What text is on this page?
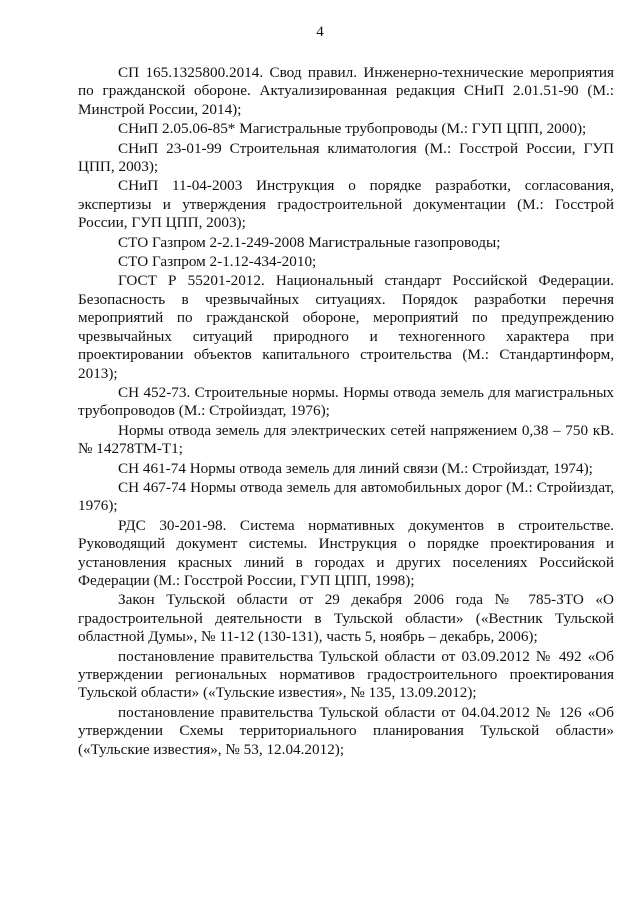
4

СП 165.1325800.2014. Свод правил. Инженерно-технические мероприятия по гражданской обороне. Актуализированная редакция СНиП 2.01.51-90 (М.: Минстрой России, 2014);

СНиП 2.05.06-85* Магистральные трубопроводы (М.: ГУП ЦПП, 2000);

СНиП 23-01-99 Строительная климатология (М.: Госстрой России, ГУП ЦПП, 2003);

СНиП 11-04-2003 Инструкция о порядке разработки, согласования, экспертизы и утверждения градостроительной документации (М.: Госстрой России, ГУП ЦПП, 2003);

СТО Газпром 2-2.1-249-2008 Магистральные газопроводы;

СТО Газпром 2-1.12-434-2010;

ГОСТ Р 55201-2012. Национальный стандарт Российской Федерации. Безопасность в чрезвычайных ситуациях. Порядок разработки перечня мероприятий по гражданской обороне, мероприятий по предупреждению чрезвычайных ситуаций природного и техногенного характера при проектировании объектов капитального строительства (М.: Стандартинформ, 2013);

СН 452-73. Строительные нормы. Нормы отвода земель для магистральных трубопроводов (М.: Стройиздат, 1976);

Нормы отвода земель для электрических сетей напряжением 0,38 – 750 кВ. № 14278ТМ-Т1;

СН 461-74 Нормы отвода земель для линий связи (М.: Стройиздат, 1974);

СН 467-74 Нормы отвода земель для автомобильных дорог (М.: Стройиздат, 1976);

РДС 30-201-98. Система нормативных документов в строительстве. Руководящий документ системы. Инструкция о порядке проектирования и установления красных линий в городах и других поселениях Российской Федерации (М.: Госстрой России, ГУП ЦПП, 1998);

Закон Тульской области от 29 декабря 2006 года № 785-ЗТО «О градостроительной деятельности в Тульской области» («Вестник Тульской областной Думы», № 11-12 (130-131), часть 5, ноябрь – декабрь, 2006);

постановление правительства Тульской области от 03.09.2012 № 492 «Об утверждении региональных нормативов градостроительного проектирования Тульской области» («Тульские известия», № 135, 13.09.2012);

постановление правительства Тульской области от 04.04.2012 № 126 «Об утверждении Схемы территориального планирования Тульской области» («Тульские известия», № 53, 12.04.2012);
